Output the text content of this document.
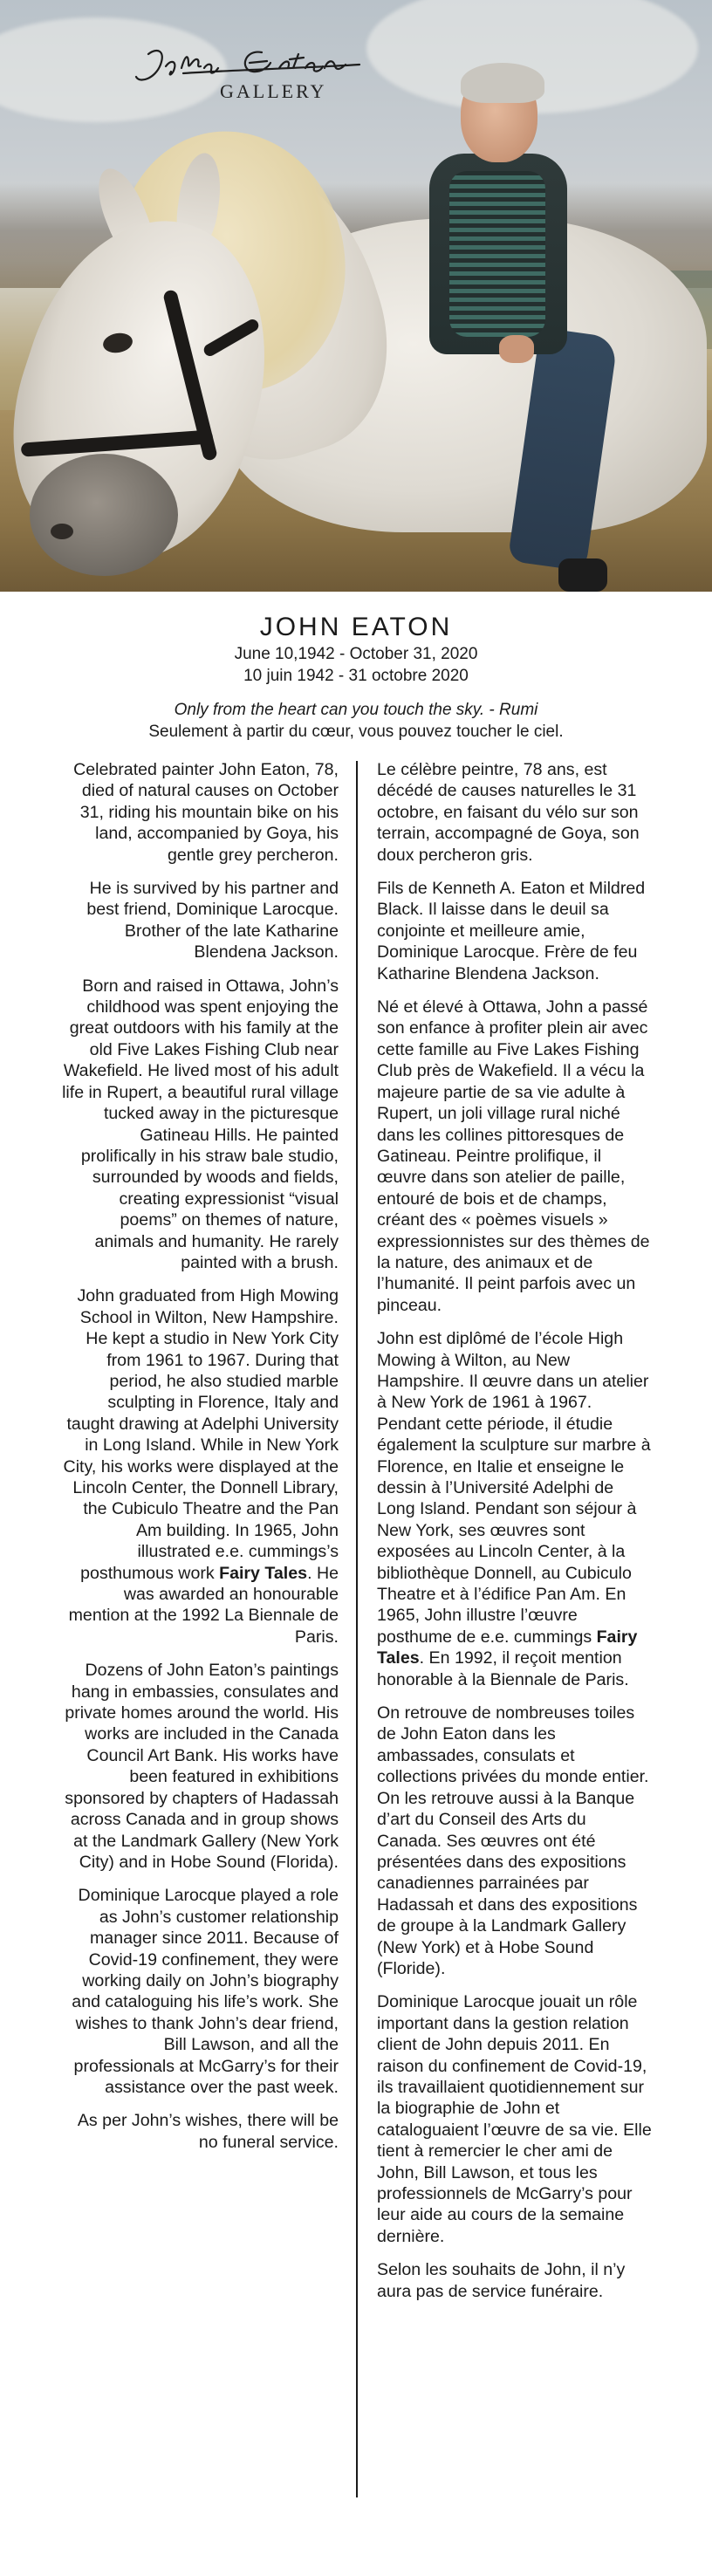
GALLERY
JOHN EATON
June 10,1942 - October 31, 2020
10 juin 1942 - 31 octobre 2020
Only from the heart can you touch the sky. - Rumi
Seulement à partir du cœur, vous pouvez toucher le ciel.

Celebrated painter John Eaton, 78, died of natural causes on October 31, riding his mountain bike on his land, accompanied by Goya, his gentle grey percheron.

He is survived by his partner and best friend, Dominique Larocque. Brother of the late Katharine Blendena Jackson.

Born and raised in Ottawa, John’s childhood was spent enjoying the great outdoors with his family at the old Five Lakes Fishing Club near Wakefield. He lived most of his adult life in Rupert, a beautiful rural village tucked away in the picturesque Gatineau Hills. He painted prolifically in his straw bale studio, surrounded by woods and fields, creating expressionist “visual poems” on themes of nature, animals and humanity. He rarely painted with a brush.

John graduated from High Mowing School in Wilton, New Hampshire. He kept a studio in New York City from 1961 to 1967. During that period, he also studied marble sculpting in Florence, Italy and taught drawing at Adelphi University in Long Island. While in New York City, his works were displayed at the Lincoln Center, the Donnell Library, the Cubiculo Theatre and the Pan Am building. In 1965, John illustrated e.e. cummings’s posthumous work Fairy Tales. He was awarded an honourable mention at the 1992 La Biennale de Paris.

Dozens of John Eaton’s paintings hang in embassies, consulates and private homes around the world. His works are included in the Canada Council Art Bank. His works have been featured in exhibitions sponsored by chapters of Hadassah across Canada and in group shows at the Landmark Gallery (New York City) and in Hobe Sound (Florida).

Dominique Larocque played a role as John’s customer relationship manager since 2011. Because of Covid-19 confinement, they were working daily on John’s biography and cataloguing his life’s work. She wishes to thank John’s dear friend, Bill Lawson, and all the professionals at McGarry’s for their assistance over the past week.

As per John’s wishes, there will be no funeral service.

Le célèbre peintre, 78 ans, est décédé de causes naturelles le 31 octobre, en faisant du vélo sur son terrain, accompagné de Goya, son doux percheron gris.

Fils de Kenneth A. Eaton et Mildred Black. Il laisse dans le deuil sa conjointe et meilleure amie, Dominique Larocque. Frère de feu Katharine Blendena Jackson.

Né et élevé à Ottawa, John a passé son enfance à profiter plein air avec cette famille au Five Lakes Fishing Club près de Wakefield. Il a vécu la majeure partie de sa vie adulte à Rupert, un joli village rural niché dans les collines pittoresques de Gatineau. Peintre prolifique, il œuvre dans son atelier de paille, entouré de bois et de champs, créant des « poèmes visuels » expressionnistes sur des thèmes de la nature, des animaux et de l’humanité. Il peint parfois avec un pinceau.

John est diplômé de l’école High Mowing à Wilton, au New Hampshire. Il œuvre dans un atelier à New York de 1961 à 1967. Pendant cette période, il étudie également la sculpture sur marbre à Florence, en Italie et enseigne le dessin à l’Université Adelphi de Long Island. Pendant son séjour à New York, ses œuvres sont exposées au Lincoln Center, à la bibliothèque Donnell, au Cubiculo Theatre et à l’édifice Pan Am. En 1965, John illustre l’œuvre posthume de e.e. cummings Fairy Tales. En 1992, il reçoit mention honorable à la Biennale de Paris.

On retrouve de nombreuses toiles de John Eaton dans les ambassades, consulats et collections privées du monde entier. On les retrouve aussi à la Banque d’art du Conseil des Arts du Canada. Ses œuvres ont été présentées dans des expositions canadiennes parrainées par Hadassah et dans des expositions de groupe à la Landmark Gallery (New York) et à Hobe Sound (Floride).

Dominique Larocque jouait un rôle important dans la gestion relation client de John depuis 2011. En raison du confinement de Covid-19, ils travaillaient quotidiennement sur la biographie de John et cataloguaient l’œuvre de sa vie. Elle tient à remercier le cher ami de John, Bill Lawson, et tous les professionnels de McGarry’s pour leur aide au cours de la semaine dernière.

Selon les souhaits de John, il n’y aura pas de service funéraire.
